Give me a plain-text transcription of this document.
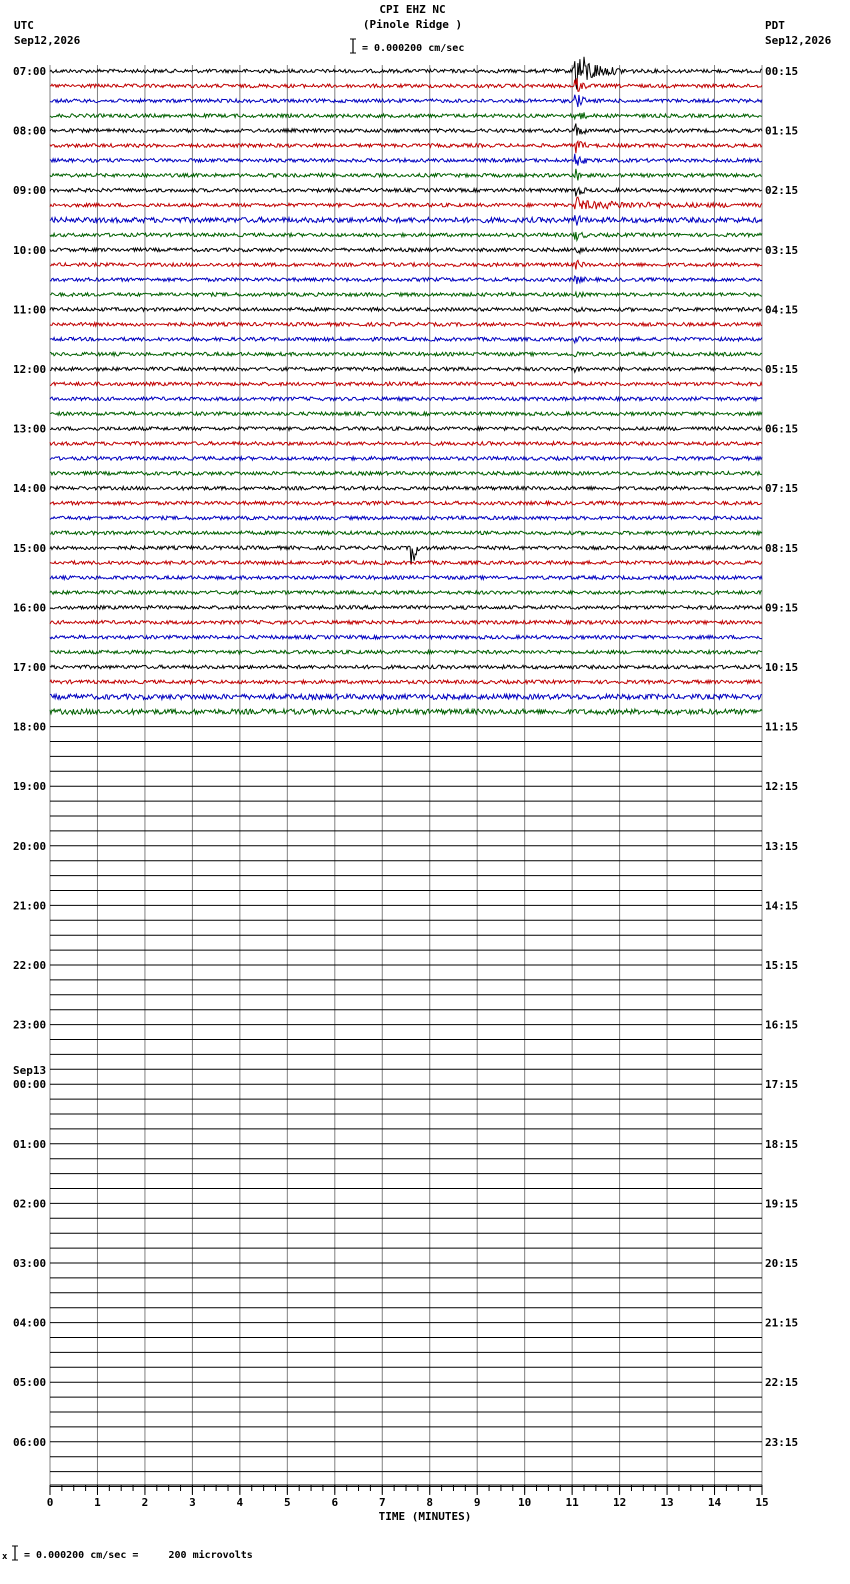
CPI EHZ NC
(Pinole Ridge )
= 0.000200 cm/sec
UTC
Sep12,2026
PDT
Sep12,2026
07:00
08:00
09:00
10:00
11:00
12:00
13:00
14:00
15:00
16:00
17:00
18:00
19:00
20:00
21:00
22:00
23:00
00:00
Sep13
01:00
02:00
03:00
04:00
05:00
06:00
00:15
01:15
02:15
03:15
04:15
05:15
06:15
07:15
08:15
09:15
10:15
11:15
12:15
13:15
14:15
15:15
16:15
17:15
18:15
19:15
20:15
21:15
22:15
23:15
0	1	2	3	4	5	6	7	8	9	10	11	12	13	14	15
TIME (MINUTES)
x = 0.000200 cm/sec =     200 microvolts
